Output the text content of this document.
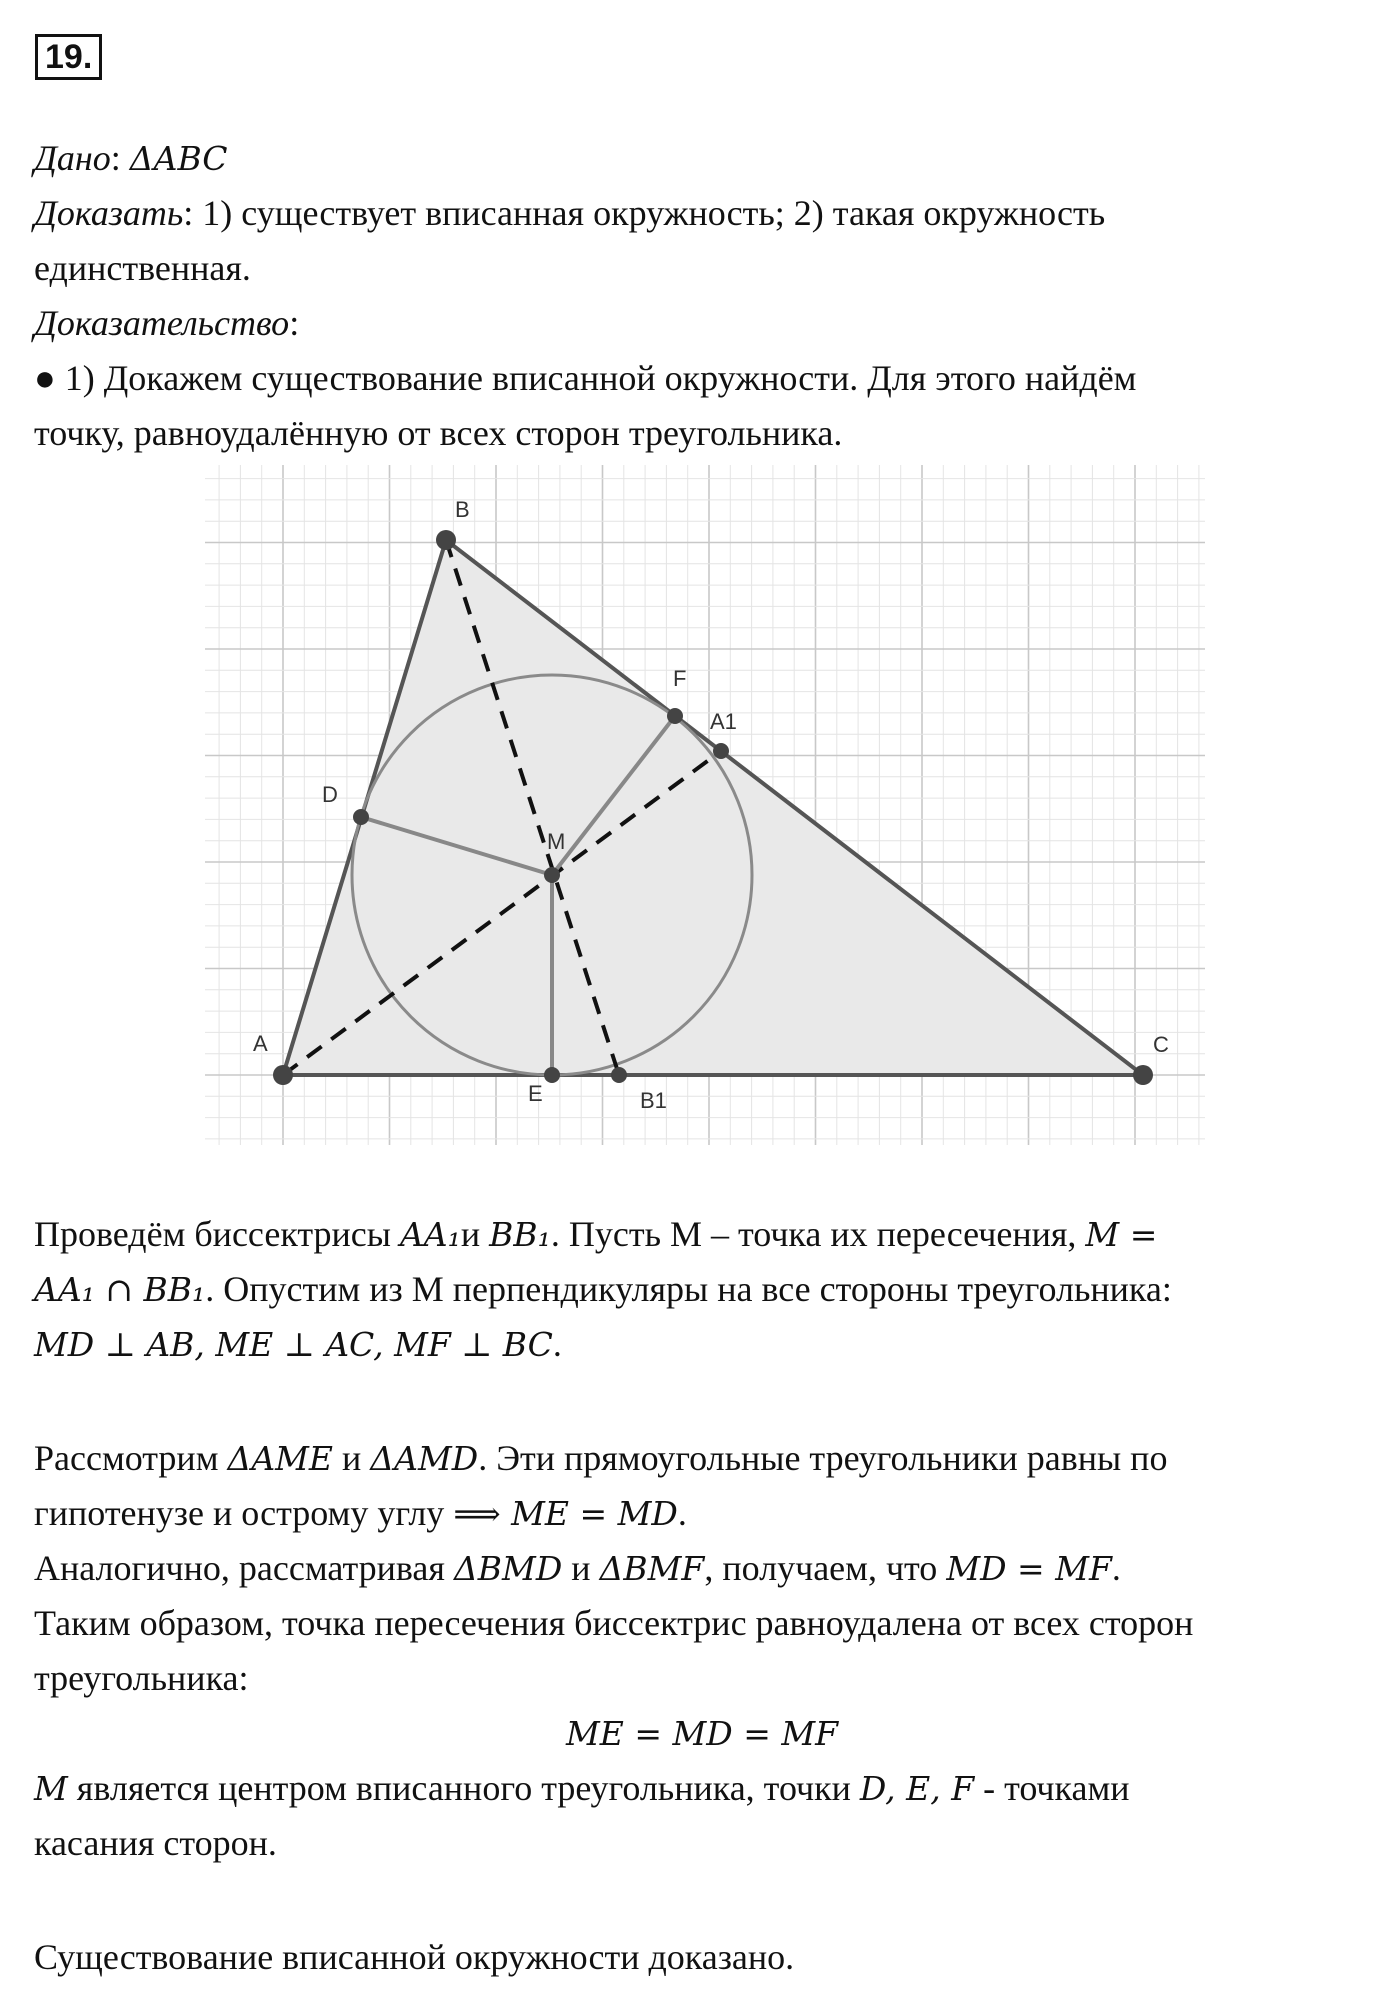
19.
Дано: ΔABC
Доказать: 1) существует вписанная окружность; 2) такая окружность
единственная.
Доказательство:
● 1) Докажем существование вписанной окружности. Для этого найдём
точку, равноудалённую от всех сторон треугольника.
A
B
C
D
E
F
M
A1
B1
Проведём биссектрисы AA₁и BB₁. Пусть М – точка их пересечения, M =
AA₁ ∩ BB₁. Опустим из М перпендикуляры на все стороны треугольника:
MD ⊥ AB, ME ⊥ AC, MF ⊥ BC.
Рассмотрим ΔAME и ΔAMD. Эти прямоугольные треугольники равны по
гипотенузе и острому углу ⟹ ME = MD.
Аналогично, рассматривая ΔBMD и ΔBMF, получаем, что MD = MF.
Таким образом, точка пересечения биссектрис равноудалена от всех сторон
треугольника:
ME = MD = MF
M является центром вписанного треугольника, точки D, E, F - точками
касания сторон.
Существование вписанной окружности доказано.
